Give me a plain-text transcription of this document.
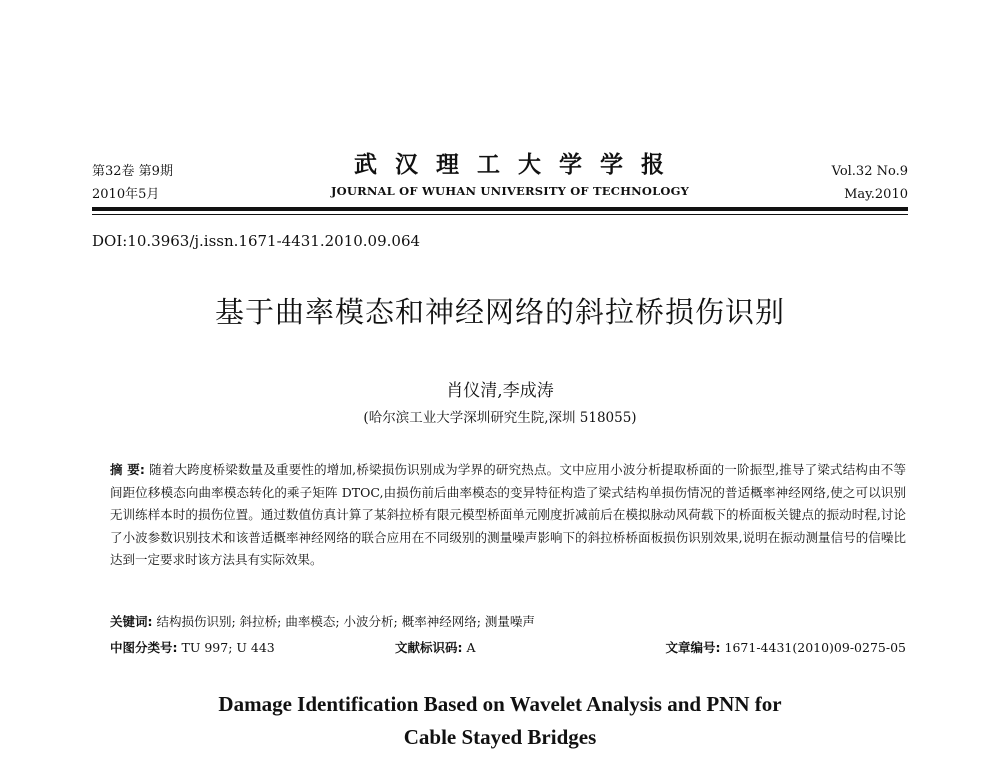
第32卷 第9期
2010年5月
武汉理工大学学报
JOURNAL OF WUHAN UNIVERSITY OF TECHNOLOGY
Vol.32 No.9
May.2010
DOI:10.3963/j.issn.1671-4431.2010.09.064
基于曲率模态和神经网络的斜拉桥损伤识别
肖仪清,李成涛
(哈尔滨工业大学深圳研究生院,深圳 518055)
摘 要: 随着大跨度桥梁数量及重要性的增加,桥梁损伤识别成为学界的研究热点。文中应用小波分析提取桥面的一阶振型,推导了梁式结构由不等间距位移模态向曲率模态转化的乘子矩阵 DTOC,由损伤前后曲率模态的变异特征构造了梁式结构单损伤情况的普适概率神经网络,使之可以识别无训练样本时的损伤位置。通过数值仿真计算了某斜拉桥有限元模型桥面单元刚度折减前后在模拟脉动风荷载下的桥面板关键点的振动时程,讨论了小波参数识别技术和该普适概率神经网络的联合应用在不同级别的测量噪声影响下的斜拉桥桥面板损伤识别效果,说明在振动测量信号的信噪比达到一定要求时该方法具有实际效果。
关键词: 结构损伤识别; 斜拉桥; 曲率模态; 小波分析; 概率神经网络; 测量噪声
中图分类号: TU 997; U 443	文献标识码: A	文章编号: 1671-4431(2010)09-0275-05
Damage Identification Based on Wavelet Analysis and PNN for
Cable Stayed Bridges
